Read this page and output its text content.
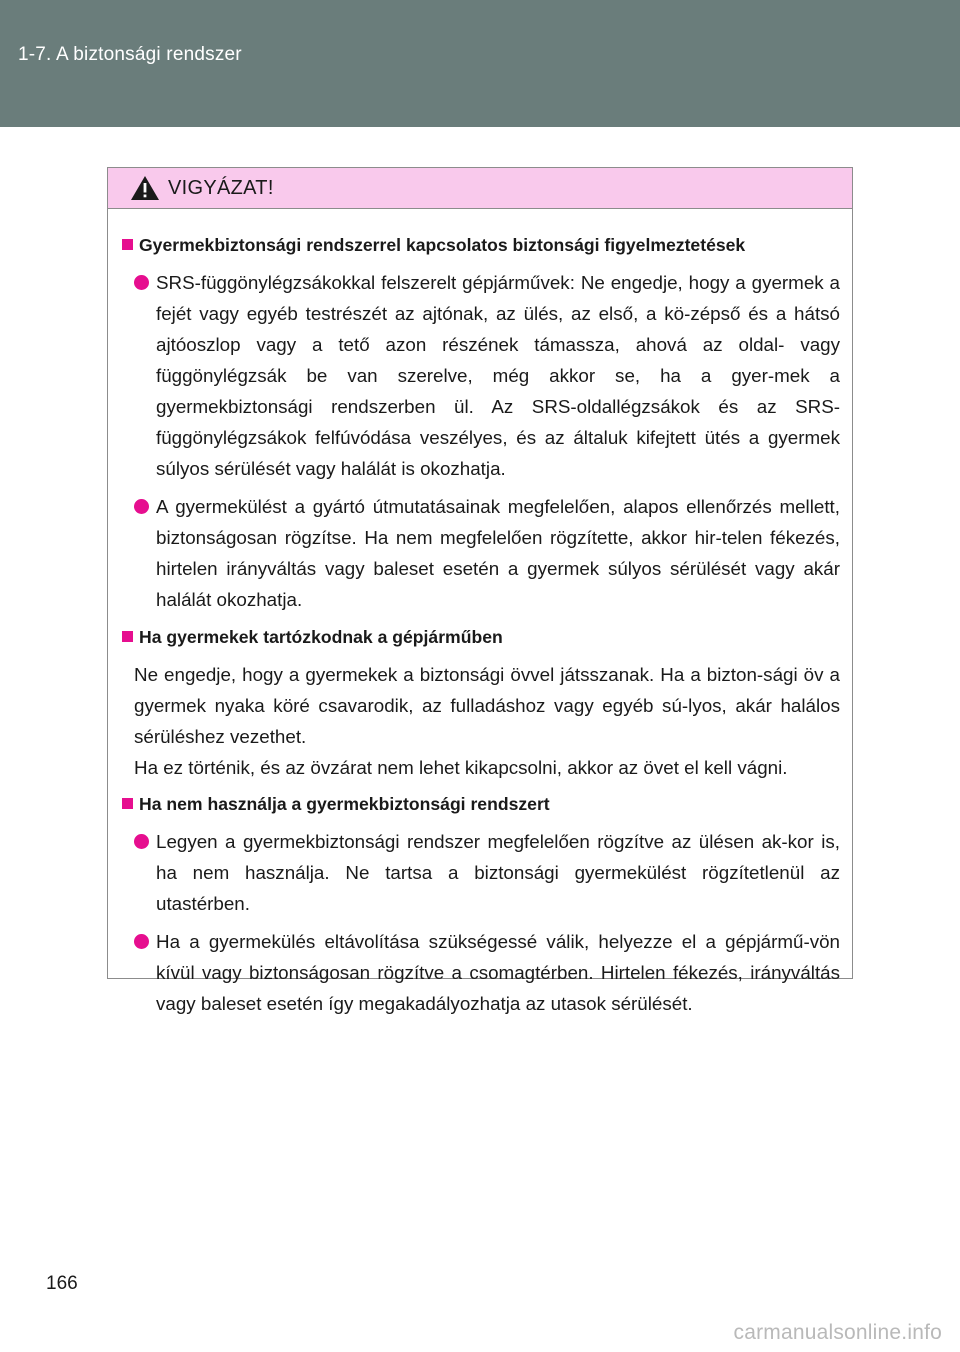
1-7. A biztonsági rendszer
VIGYÁZAT!
Gyermekbiztonsági rendszerrel kapcsolatos biztonsági figyelmeztetések
SRS-függönylégzsákokkal felszerelt gépjárművek: Ne engedje, hogy a gyermek a fejét vagy egyéb testrészét az ajtónak, az ülés, az első, a kö-zépső és a hátsó ajtóoszlop vagy a tető azon részének támassza, ahová az oldal- vagy függönylégzsák be van szerelve, még akkor se, ha a gyer-mek a gyermekbiztonsági rendszerben ül. Az SRS-oldallégzsákok és az SRS-függönylégzsákok felfúvódása veszélyes, és az általuk kifejtett ütés a gyermek súlyos sérülését vagy halálát is okozhatja.
A gyermekülést a gyártó útmutatásainak megfelelően, alapos ellenőrzés mellett, biztonságosan rögzítse. Ha nem megfelelően rögzítette, akkor hir-telen fékezés, hirtelen irányváltás vagy baleset esetén a gyermek súlyos sérülését vagy akár halálát okozhatja.
Ha gyermekek tartózkodnak a gépjárműben
Ne engedje, hogy a gyermekek a biztonsági övvel játsszanak. Ha a bizton-sági öv a gyermek nyaka köré csavarodik, az fulladáshoz vagy egyéb sú-lyos, akár halálos sérüléshez vezethet.
Ha ez történik, és az övzárat nem lehet kikapcsolni, akkor az övet el kell vágni.
Ha nem használja a gyermekbiztonsági rendszert
Legyen a gyermekbiztonsági rendszer megfelelően rögzítve az ülésen ak-kor is, ha nem használja. Ne tartsa a biztonsági gyermekülést rögzítetlenül az utastérben.
Ha a gyermekülés eltávolítása szükségessé válik, helyezze el a gépjármű-vön kívül vagy biztonságosan rögzítve a csomagtérben. Hirtelen fékezés, irányváltás vagy baleset esetén így megakadályozhatja az utasok sérülését.
166
carmanualsonline.info
